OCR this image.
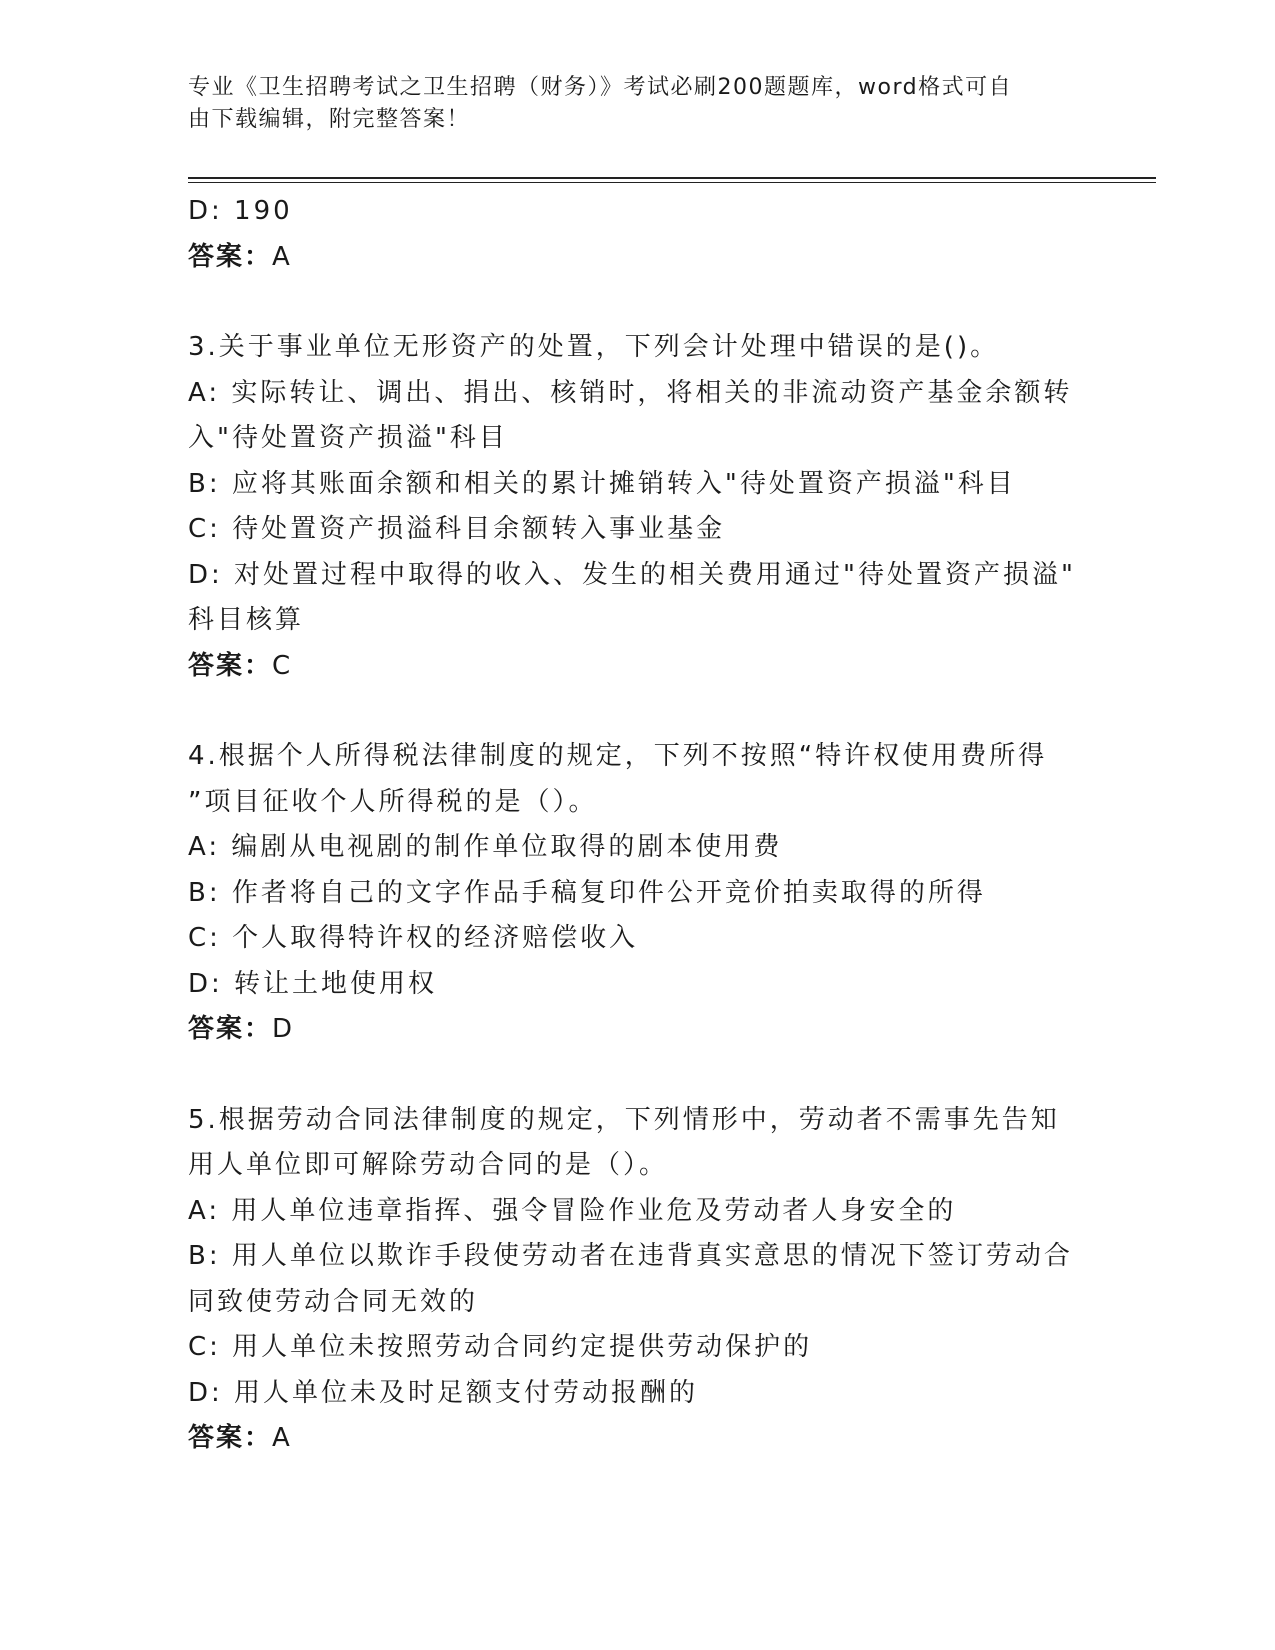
专业《卫生招聘考试之卫生招聘（财务）》考试必刷200题题库，word格式可自
由下载编辑，附完整答案！
D: 190
答案：A
3.关于事业单位无形资产的处置，下列会计处理中错误的是()。
A: 实际转让、调出、捐出、核销时，将相关的非流动资产基金余额转
入"待处置资产损溢"科目
B: 应将其账面余额和相关的累计摊销转入"待处置资产损溢"科目
C: 待处置资产损溢科目余额转入事业基金
D: 对处置过程中取得的收入、发生的相关费用通过"待处置资产损溢"
科目核算
答案：C
4.根据个人所得税法律制度的规定，下列不按照“特许权使用费所得
”项目征收个人所得税的是（）。
A: 编剧从电视剧的制作单位取得的剧本使用费
B: 作者将自己的文字作品手稿复印件公开竞价拍卖取得的所得
C: 个人取得特许权的经济赔偿收入
D: 转让土地使用权
答案：D
5.根据劳动合同法律制度的规定，下列情形中，劳动者不需事先告知
用人单位即可解除劳动合同的是（）。
A: 用人单位违章指挥、强令冒险作业危及劳动者人身安全的
B: 用人单位以欺诈手段使劳动者在违背真实意思的情况下签订劳动合
同致使劳动合同无效的
C: 用人单位未按照劳动合同约定提供劳动保护的
D: 用人单位未及时足额支付劳动报酬的
答案：A
